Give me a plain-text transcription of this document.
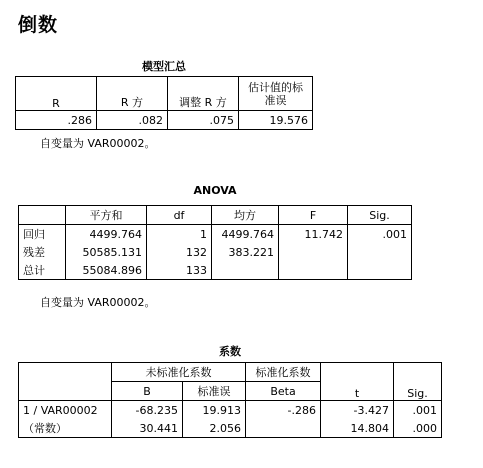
倒数
模型汇总
R	R 方	调整 R 方	估计值的标准误
.286	.082	.075	19.576
自变量为 VAR00002。
ANOVA
	平方和	df	均方	F	Sig.
回归	4499.764	1	4499.764	11.742	.001
残差	50585.131	132	383.221		
总计	55084.896	133			
自变量为 VAR00002。
系数
	未标准化系数		标准化系数	t	Sig.
	B	标准误	Beta		
1 / VAR00002	-68.235	19.913	-.286	-3.427	.001
（常数）	30.441	2.056		14.804	.000
